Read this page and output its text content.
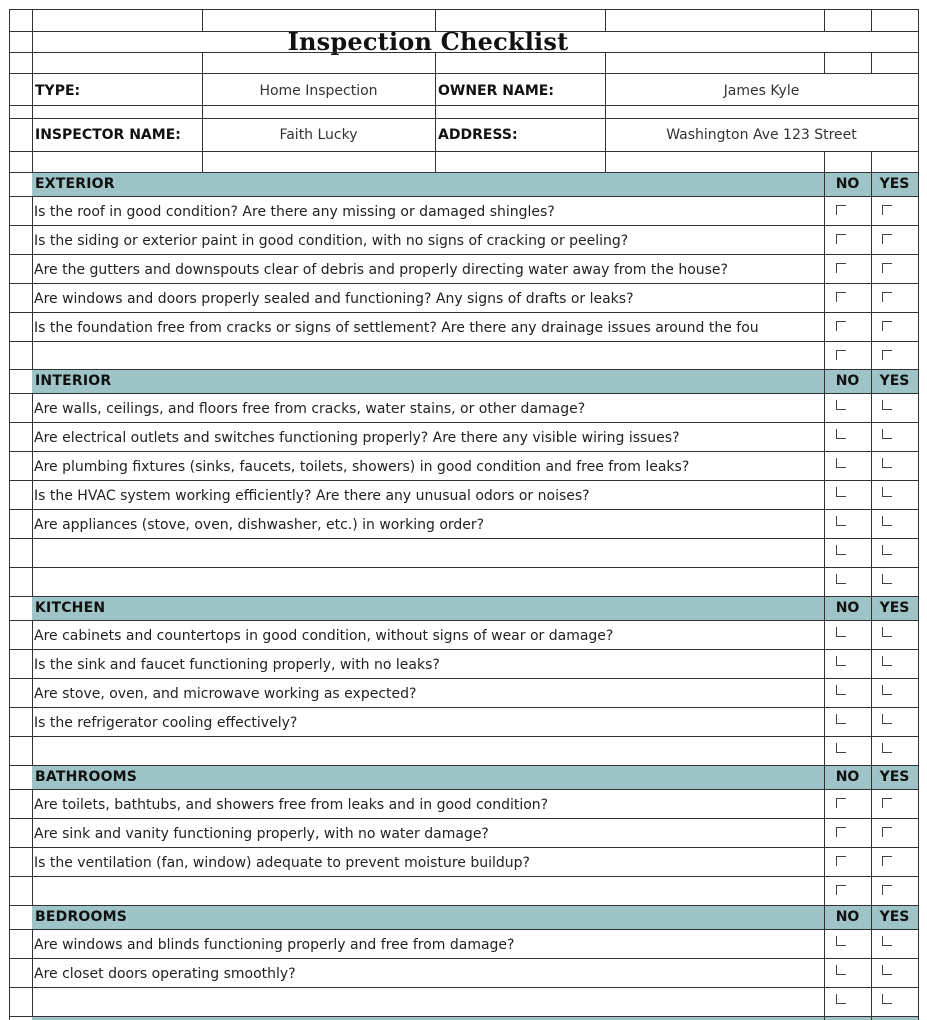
Inspection Checklist
TYPE:	Home Inspection	OWNER NAME:	James Kyle
INSPECTOR NAME:	Faith Lucky	ADDRESS:	Washington Ave 123 Street
EXTERIOR	NO	YES
Is the roof in good condition? Are there any missing or damaged shingles?
Is the siding or exterior paint in good condition, with no signs of cracking or peeling?
Are the gutters and downspouts clear of debris and properly directing water away from the house?
Are windows and doors properly sealed and functioning? Any signs of drafts or leaks?
Is the foundation free from cracks or signs of settlement? Are there any drainage issues around the fou
INTERIOR	NO	YES
Are walls, ceilings, and floors free from cracks, water stains, or other damage?
Are electrical outlets and switches functioning properly? Are there any visible wiring issues?
Are plumbing fixtures (sinks, faucets, toilets, showers) in good condition and free from leaks?
Is the HVAC system working efficiently? Are there any unusual odors or noises?
Are appliances (stove, oven, dishwasher, etc.) in working order?
KITCHEN	NO	YES
Are cabinets and countertops in good condition, without signs of wear or damage?
Is the sink and faucet functioning properly, with no leaks?
Are stove, oven, and microwave working as expected?
Is the refrigerator cooling effectively?
BATHROOMS	NO	YES
Are toilets, bathtubs, and showers free from leaks and in good condition?
Are sink and vanity functioning properly, with no water damage?
Is the ventilation (fan, window) adequate to prevent moisture buildup?
BEDROOMS	NO	YES
Are windows and blinds functioning properly and free from damage?
Are closet doors operating smoothly?
